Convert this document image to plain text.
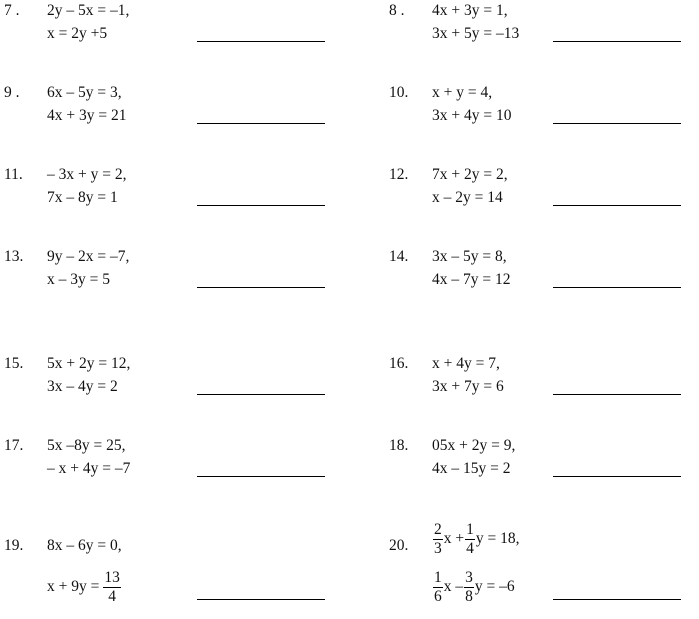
7 . 2y – 5x = –1,
x = 2y +5
8 . 4x + 3y = 1,
3x + 5y = –13
9 . 6x – 5y = 3,
4x + 3y = 21
10. x + y = 4,
3x + 4y = 10
11. – 3x + y = 2,
7x – 8y = 1
12. 7x + 2y = 2,
x – 2y = 14
13. 9y – 2x = –7,
x – 3y = 5
14. 3x – 5y = 8,
4x – 7y = 12
15. 5x + 2y = 12,
3x – 4y = 2
16. x + 4y = 7,
3x + 7y = 6
17. 5x –8y = 25,
– x + 4y = –7
18. 05x + 2y = 9,
4x – 15y = 2
19. 8x – 6y = 0,
$x + 9y = \frac{13}{4}$
20. $\frac{2}{3}$ $x + \frac{1}{4}$ y = 18,
$\frac{1}{6}$ x – $\frac{3}{8}$ y = –6
